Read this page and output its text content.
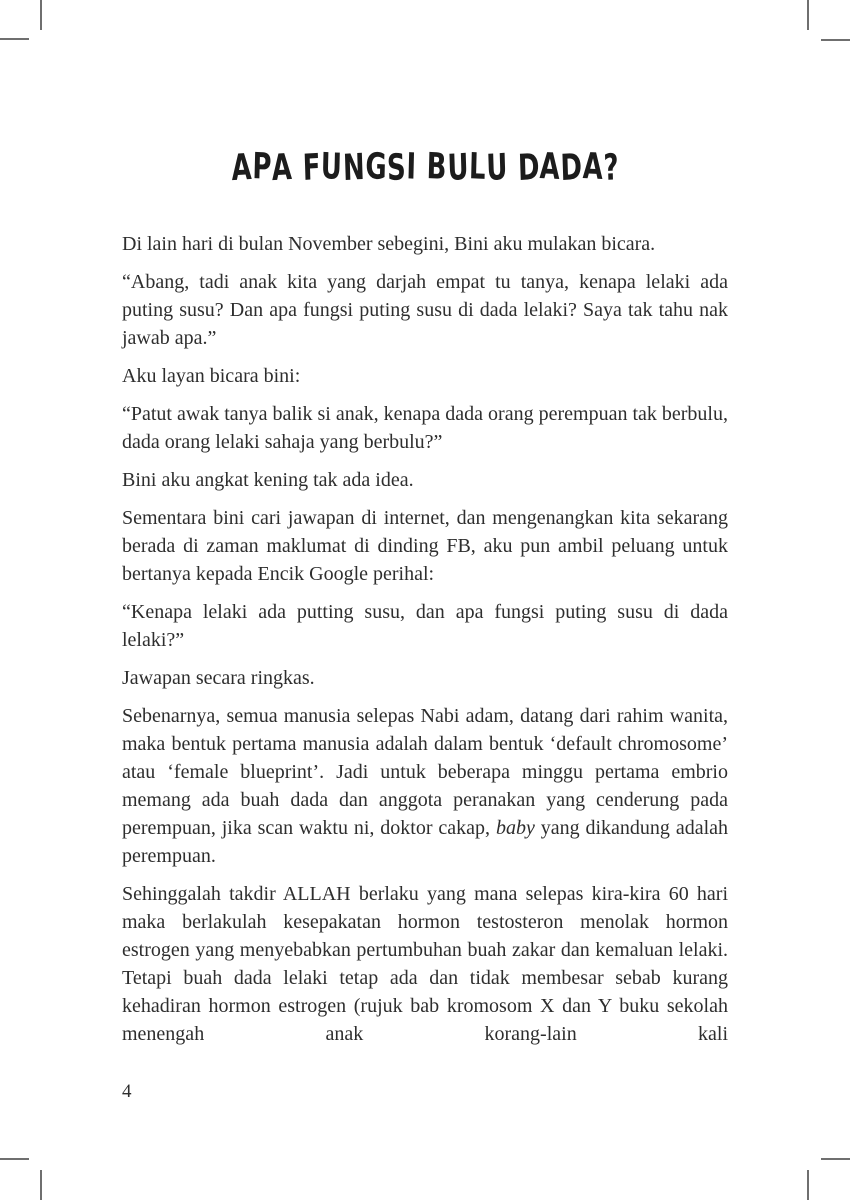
APA FUNGSI BULU DADA?

Di lain hari di bulan November sebegini, Bini aku mulakan bicara.

“Abang, tadi anak kita yang darjah empat tu tanya, kenapa lelaki ada puting susu? Dan apa fungsi puting susu di dada lelaki? Saya tak tahu nak jawab apa.”

Aku layan bicara bini:

“Patut awak tanya balik si anak, kenapa dada orang perempuan tak berbulu, dada orang lelaki sahaja yang berbulu?”

Bini aku angkat kening tak ada idea.

Sementara bini cari jawapan di internet, dan mengenangkan kita sekarang berada di zaman maklumat di dinding FB, aku pun ambil peluang untuk bertanya kepada Encik Google perihal:

“Kenapa lelaki ada putting susu, dan apa fungsi puting susu di dada lelaki?”

Jawapan secara ringkas.

Sebenarnya, semua manusia selepas Nabi adam, datang dari rahim wanita, maka bentuk pertama manusia adalah dalam bentuk ‘default chromosome’ atau ‘female blueprint’. Jadi untuk beberapa minggu pertama embrio memang ada buah dada dan anggota peranakan yang cenderung pada perempuan, jika scan waktu ni, doktor cakap, baby yang dikandung adalah perempuan.

Sehinggalah takdir ALLAH berlaku yang mana selepas kira-kira 60 hari maka berlakulah kesepakatan hormon testosteron menolak hormon estrogen yang menyebabkan pertumbuhan buah zakar dan kemaluan lelaki. Tetapi buah dada lelaki tetap ada dan tidak membesar sebab kurang kehadiran hormon estrogen (rujuk bab kromosom X dan Y buku sekolah menengah anak korang-lain kali

4
